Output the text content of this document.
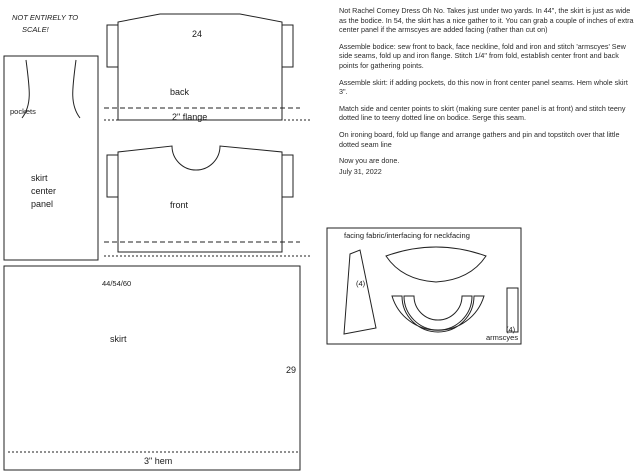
NOT ENTIRELY TO
SCALE!
pockets
skirt
center
panel
24
back
2" flange
front
44/54/60
skirt
29
3" hem
facing fabric/interfacing for neckfacing
(4)
(4)
armscyes

Not Rachel Comey Dress Oh No. Takes just under two yards. In 44", the skirt is just as wide as the bodice. In 54, the skirt has a nice gather to it. You can grab a couple of inches of extra center panel if the armscyes are added facing (rather than cut on)

Assemble bodice: sew front to back, face neckline, fold and iron and stitch 'armscyes' Sew side seams, fold up and iron flange. Stitch 1/4" from fold, establish center front and back points for gathering points.

Assemble skirt: if adding pockets, do this now in front center panel seams. Hem whole skirt 3".

Match side and center points to skirt (making sure center panel is at front) and stitch teeny dotted line to teeny dotted line on bodice. Serge this seam.

On ironing board, fold up flange and arrange gathers and pin and topstitch over that little dotted seam line

Now you are done.

July 31, 2022
